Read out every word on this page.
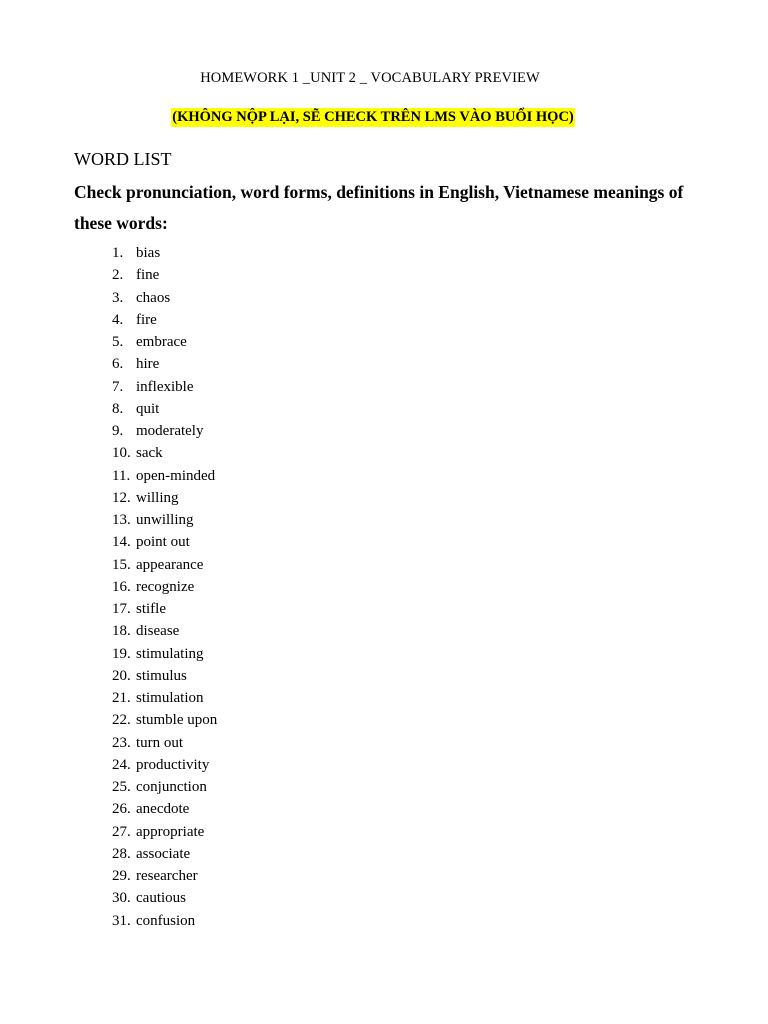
HOMEWORK 1 _UNIT 2 _ VOCABULARY PREVIEW
(KHÔNG NỘP LẠI, SẼ CHECK TRÊN LMS VÀO BUỔI HỌC)
WORD LIST
Check pronunciation, word forms, definitions in English, Vietnamese meanings of these words:
1. bias
2. fine
3. chaos
4. fire
5. embrace
6. hire
7. inflexible
8. quit
9. moderately
10. sack
11. open-minded
12. willing
13. unwilling
14. point out
15. appearance
16. recognize
17. stifle
18. disease
19. stimulating
20. stimulus
21. stimulation
22. stumble upon
23. turn out
24. productivity
25. conjunction
26. anecdote
27. appropriate
28. associate
29. researcher
30. cautious
31. confusion
